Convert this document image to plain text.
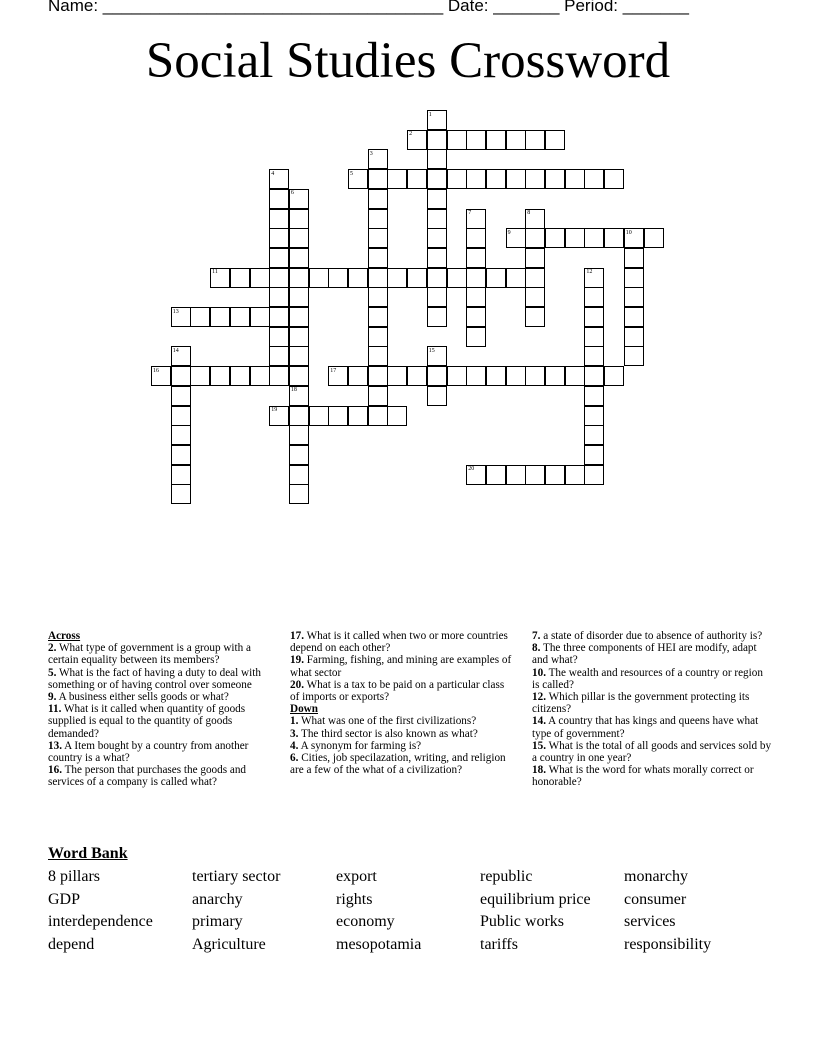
Name: ____________________________________ Date: _______ Period: _______
Social Studies Crossword
1
2
3
4	5
6
7	8
9	10
11	12
13
14	15
16	17
18
19
20
Across
2. What type of government is a group with a certain equality between its members?
5. What is the fact of having a duty to deal with something or of having control over someone
9. A business either sells goods or what?
11. What is it called when quantity of goods supplied is equal to the quantity of goods demanded?
13. A Item bought by a country from another country is a what?
16. The person that purchases the goods and services of a company is called what?
17. What is it called when two or more countries depend on each other?
19. Farming, fishing, and mining are examples of what sector
20. What is a tax to be paid on a particular class of imports or exports?
Down
1. What was one of the first civilizations?
3. The third sector is also known as what?
4. A synonym for farming is?
6. Cities, job specilazation, writing, and religion are a few of the what of a civilization?
7. a state of disorder due to absence of authority is?
8. The three components of HEI are modify, adapt and what?
10. The wealth and resources of a country or region is called?
12. Which pillar is the government protecting its citizens?
14. A country that has kings and queens have what type of government?
15. What is the total of all goods and services sold by a country in one year?
18. What is the word for whats morally correct or honorable?
Word Bank
8 pillars	tertiary sector	export	republic	monarchy
GDP	anarchy	rights	equilibrium price	consumer
interdependence	primary	economy	Public works	services
depend	Agriculture	mesopotamia	tariffs	responsibility
